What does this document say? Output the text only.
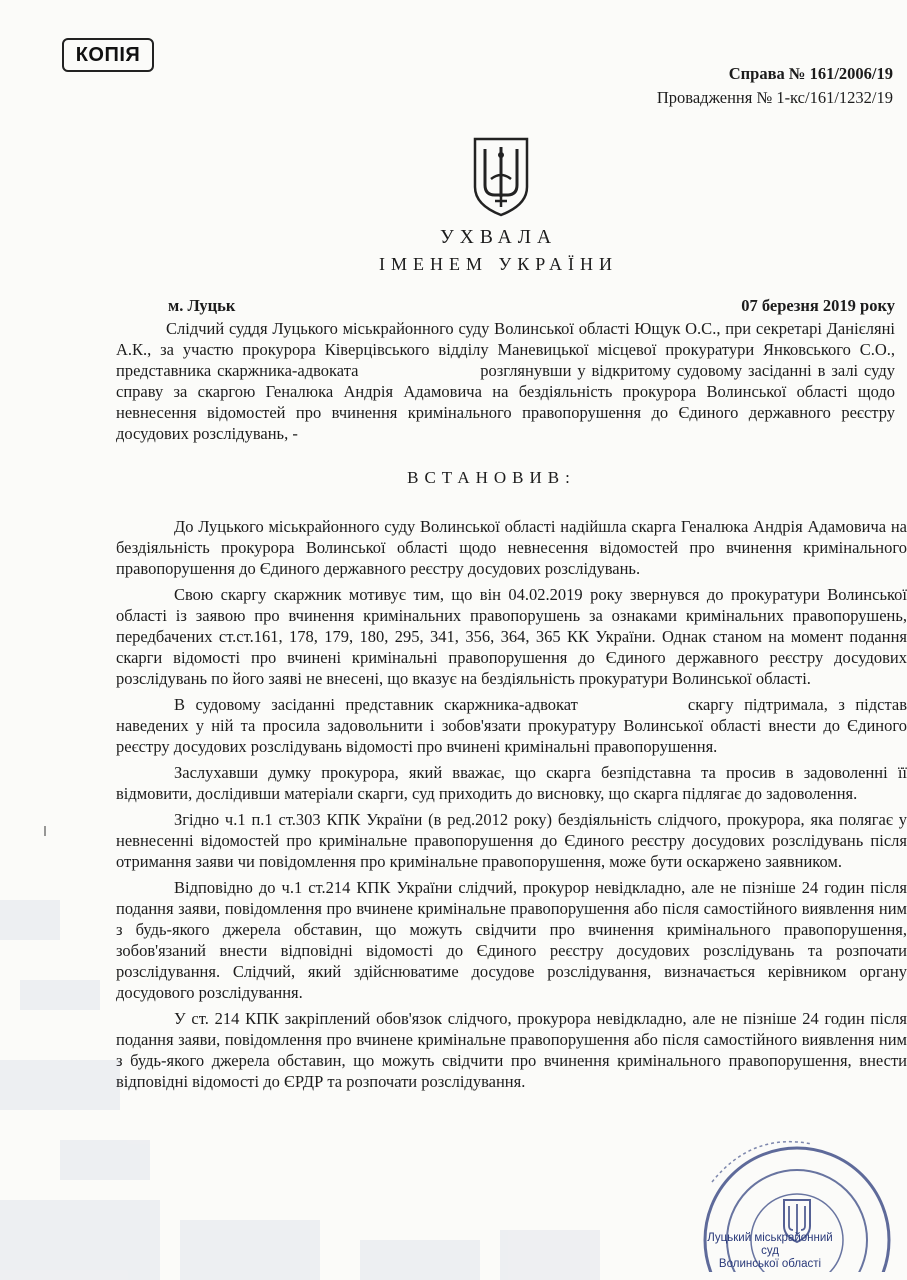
КОПІЯ
Справа № 161/2006/19
Провадження № 1-кс/161/1232/19
УХВАЛА
ІМЕНЕМ УКРАЇНИ
м. Луцьк	07 березня 2019 року
Слідчий суддя Луцького міськрайонного суду Волинської області Ющук О.С., при секретарі Данієляні А.К., за участю прокурора Ківерцівського відділу Маневицької місцевої прокуратури Янковського С.О., представника скаржника-адвоката	розглянувши у відкритому судовому засіданні в залі суду справу за скаргою Геналюка Андрія Адамовича на бездіяльність прокурора Волинської області щодо невнесення відомостей про вчинення кримінального правопорушення до Єдиного державного реєстру досудових розслідувань, -
ВСТАНОВИВ:

До Луцького міськрайонного суду Волинської області надійшла скарга Геналюка Андрія Адамовича на бездіяльність прокурора Волинської області щодо невнесення відомостей про вчинення кримінального правопорушення до Єдиного державного реєстру досудових розслідувань.

Свою скаргу скаржник мотивує тим, що він 04.02.2019 року звернувся до прокуратури Волинської області із заявою про вчинення кримінальних правопорушень за ознаками кримінальних правопорушень, передбачених ст.ст.161, 178, 179, 180, 295, 341, 356, 364, 365 КК України. Однак станом на момент подання скарги відомості про вчинені кримінальні правопорушення до Єдиного державного реєстру досудових розслідувань по його заяві не внесені, що вказує на бездіяльність прокуратури Волинської області.

В судовому засіданні представник скаржника-адвокат	скаргу підтримала, з підстав наведених у ній та просила задовольнити і зобов'язати прокуратуру Волинської області внести до Єдиного реєстру досудових розслідувань відомості про вчинені кримінальні правопорушення.

Заслухавши думку прокурора, який вважає, що скарга безпідставна та просив в задоволенні її відмовити, дослідивши матеріали скарги, суд приходить до висновку, що скарга підлягає до задоволення.

Згідно ч.1 п.1 ст.303 КПК України (в ред.2012 року) бездіяльність слідчого, прокурора, яка полягає у невнесенні відомостей про кримінальне правопорушення до Єдиного реєстру досудових розслідувань після отримання заяви чи повідомлення про кримінальне правопорушення, може бути оскаржено заявником.

Відповідно до ч.1 ст.214 КПК України слідчий, прокурор невідкладно, але не пізніше 24 годин після подання заяви, повідомлення про вчинене кримінальне правопорушення або після самостійного виявлення ним з будь-якого джерела обставин, що можуть свідчити про вчинення кримінального правопорушення, зобов'язаний внести відповідні відомості до Єдиного реєстру досудових розслідувань та розпочати розслідування. Слідчий, який здійснюватиме досудове розслідування, визначається керівником органу досудового розслідування.

У ст. 214 КПК закріплений обов'язок слідчого, прокурора невідкладно, але не пізніше 24 годин після подання заяви, повідомлення про вчинене кримінальне правопорушення або після самостійного виявлення ним з будь-якого джерела обставин, що можуть свідчити про вчинення кримінального правопорушення, внести відповідні відомості до ЄРДР та розпочати розслідування.

Луцький міськрайонний суд
Волинської області
